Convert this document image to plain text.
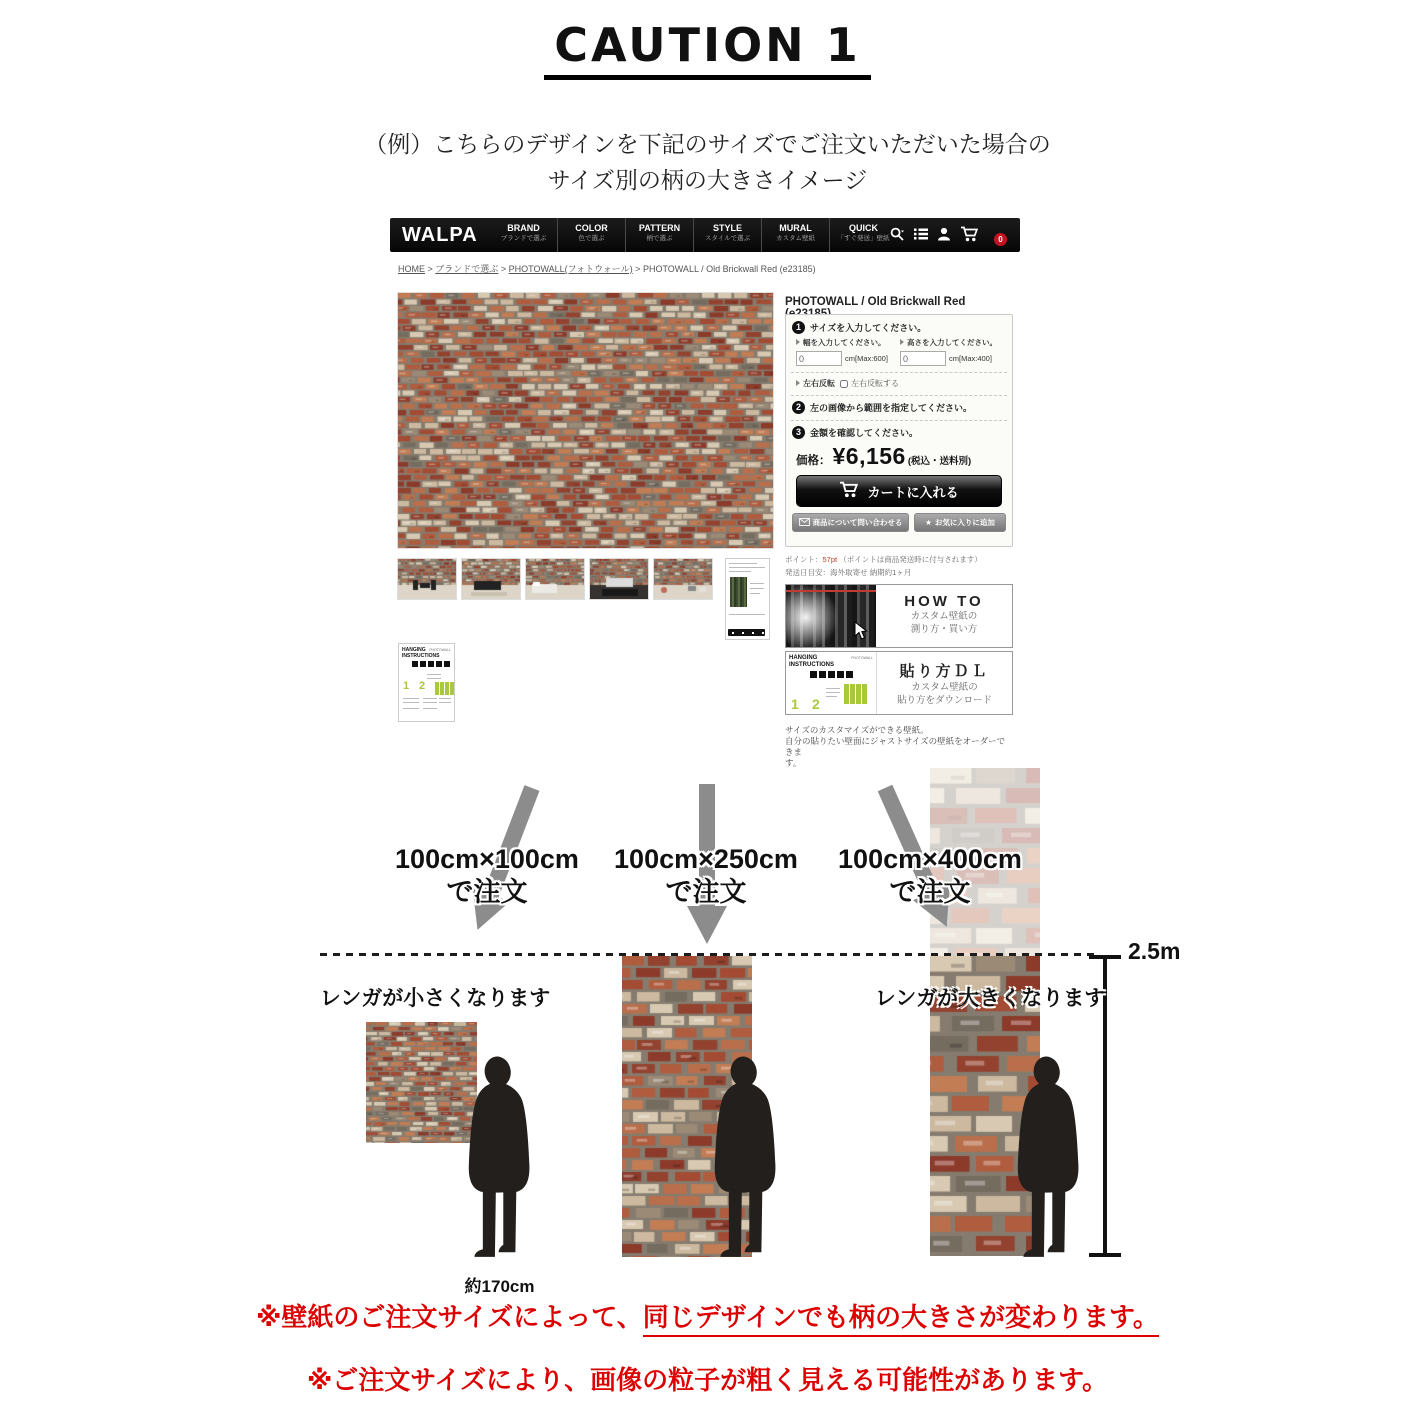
CAUTION 1
（例）こちらのデザインを下記のサイズでご注文いただいた場合の
サイズ別の柄の大きさイメージ
WALPA	BRAND
ブランドで選ぶ
COLOR
色で選ぶ
PATTERN
柄で選ぶ
STYLE
スタイルで選ぶ
MURAL
カスタム壁紙
QUICK
「すぐ発送」壁紙	0
HOME > ブランドで選ぶ > PHOTOWALL(フォトウォール) > PHOTOWALL / Old Brickwall Red (e23185)
HANGING
INSTRUCTIONS
PHOTOWALL
1 2
PHOTOWALL / Old Brickwall Red
1	サイズを入力してください。
幅を入力してください。
0
cm[Max:600]
高さを入力してください。
0
cm[Max:400]
左右反転 左右反転する
2	左の画像から範囲を指定してください。
3	金額を確認してください。
価格： ¥6,156 (税込・送料別)
カートに入れる
商品について問い合わせる	★ お気に入りに追加
ポイント：57pt （ポイントは商品発送時に付与されます）
発送日目安：海外取寄せ 納期約1ヶ月
HOW TO
カスタム壁紙の
測り方・買い方
HANGING
INSTRUCTIONS
PHOTOWALL
1 2
貼り方ＤＬ
カスタム壁紙の
貼り方をダウンロード
サイズのカスタマイズができる壁紙。
自分の貼りたい壁面にジャストサイズの壁紙をオーダーできま
す。
100cm×100cm
で注文
100cm×250cm
で注文
100cm×400cm
で注文
レンガが小さくなります	レンガが大きくなります
約170cm
2.5m
※壁紙のご注文サイズによって、同じデザインでも柄の大きさが変わります。
※ご注文サイズにより、画像の粒子が粗く見える可能性があります。
